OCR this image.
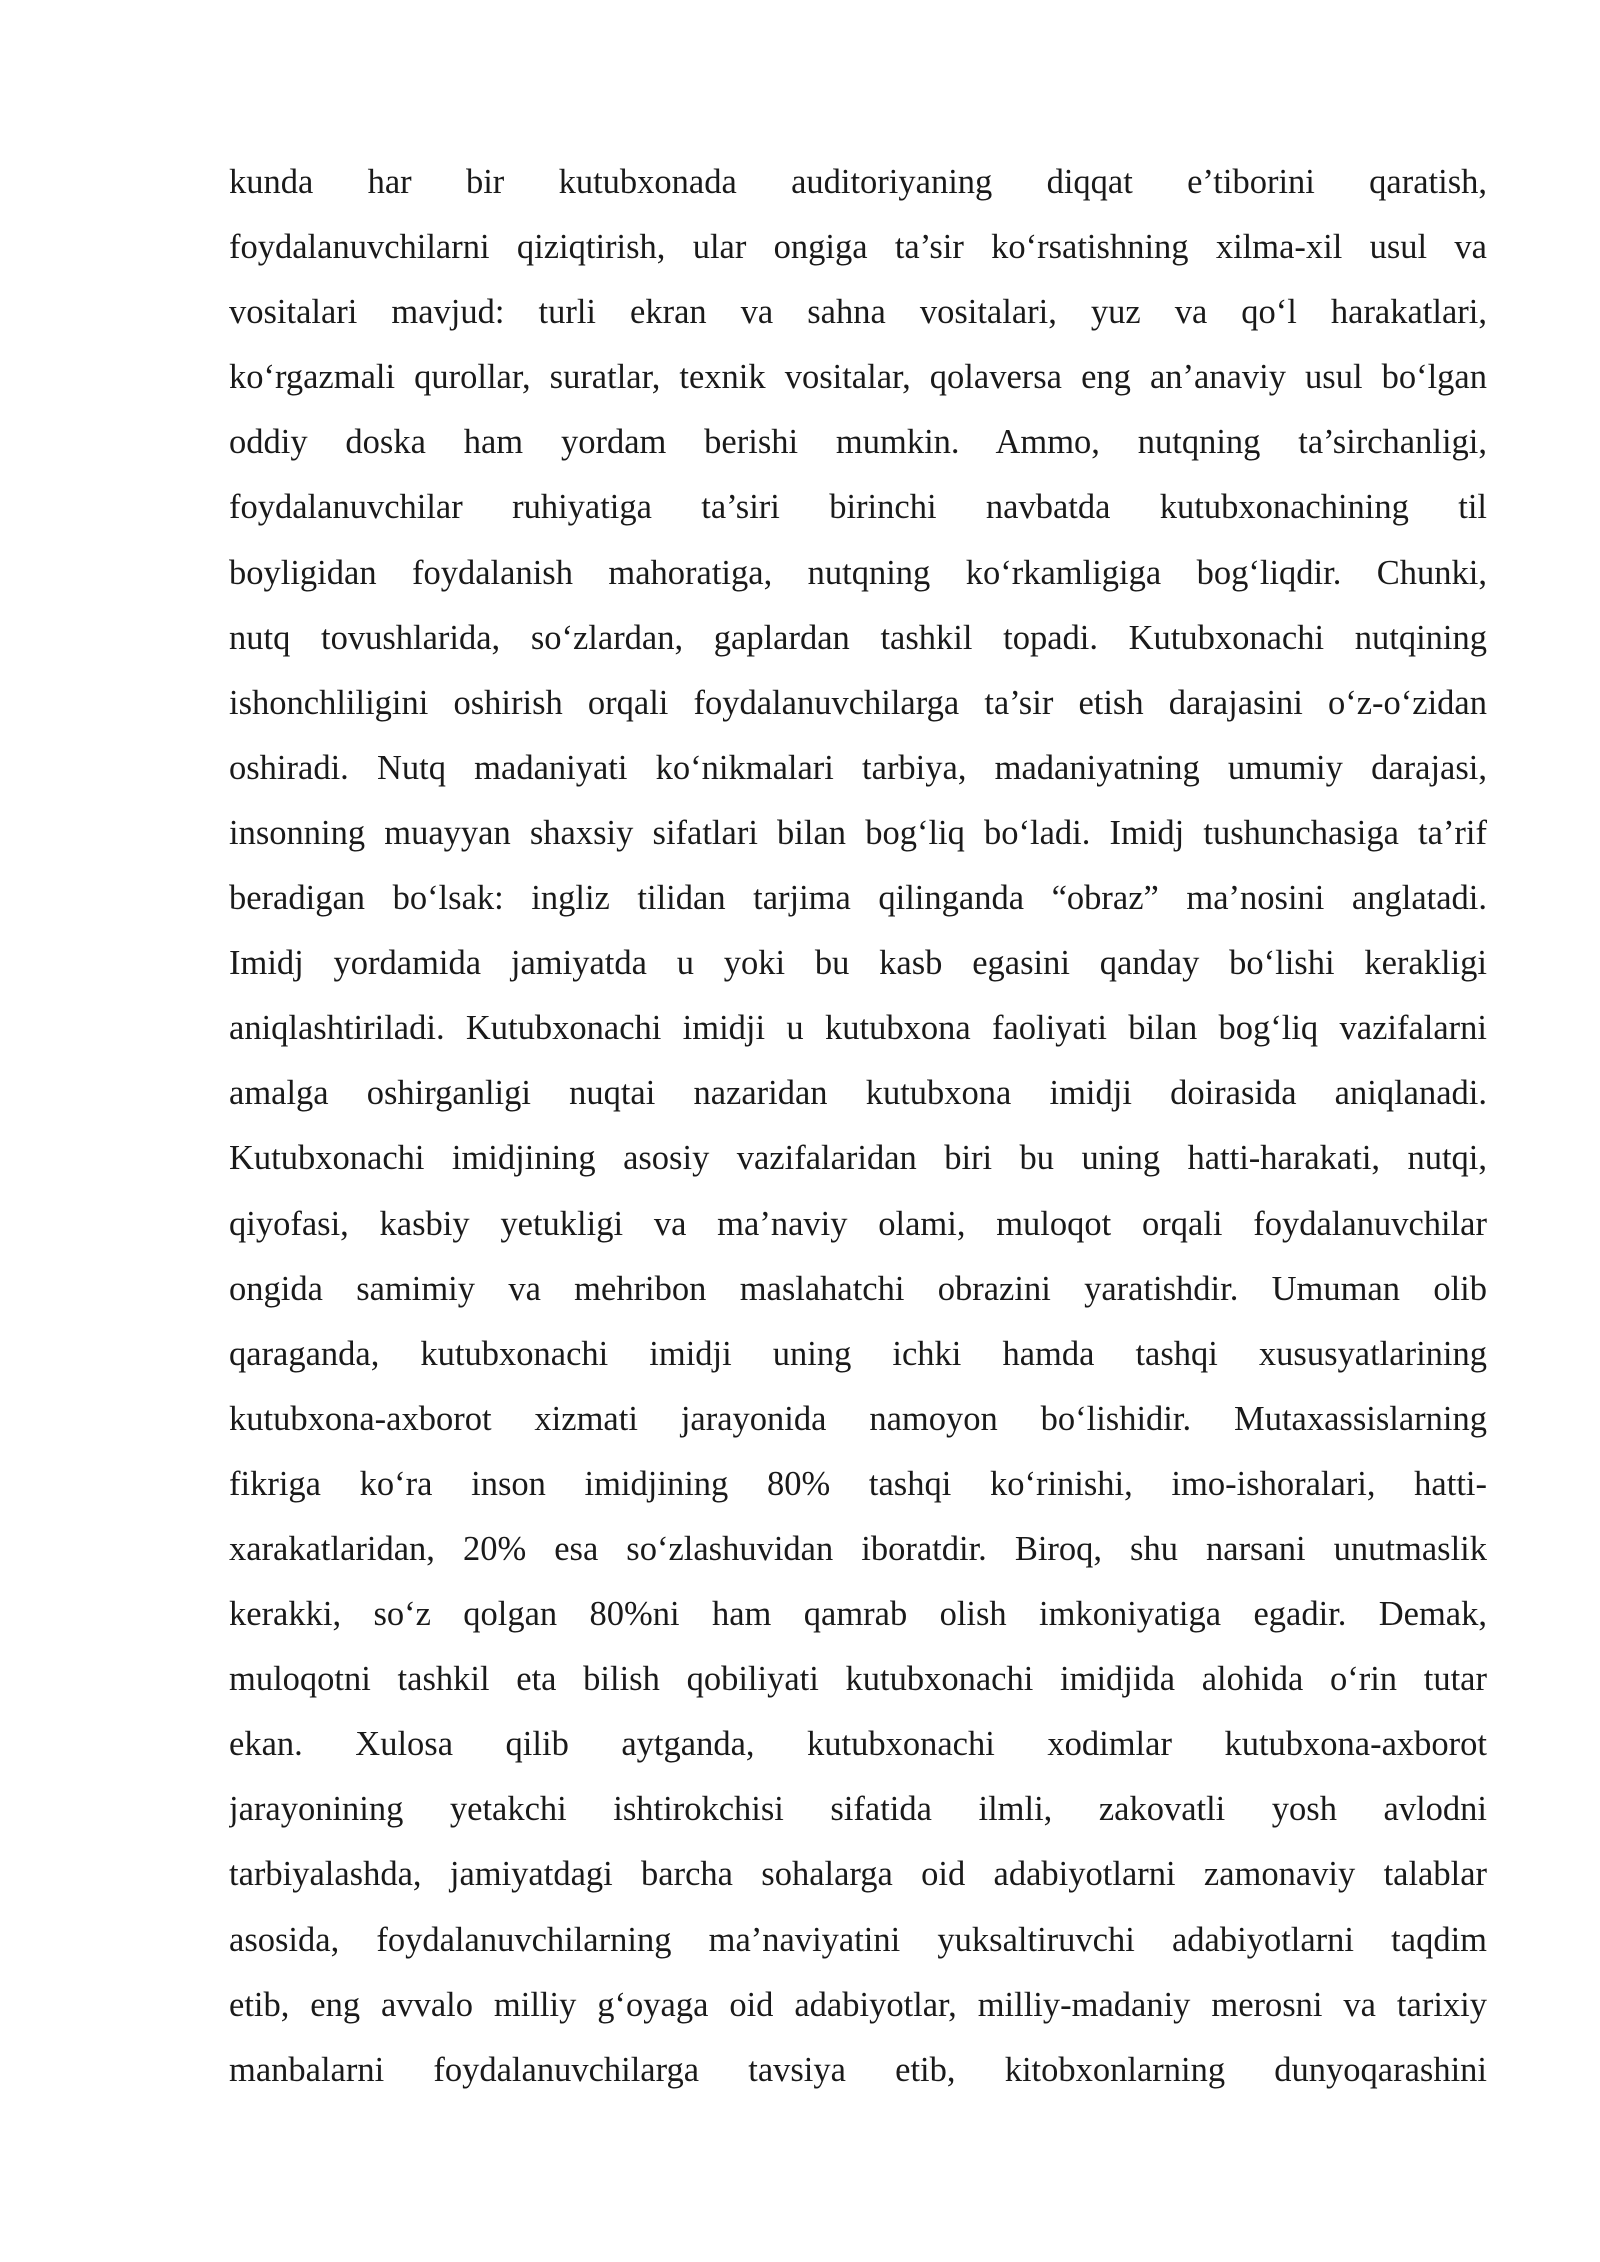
kunda har bir kutubxonada auditoriyaning diqqat e’tiborini qaratish,
foydalanuvchilarni qiziqtirish, ular ongiga ta’sir ko‘rsatishning xilma-xil usul va
vositalari mavjud: turli ekran va sahna vositalari, yuz va qo‘l harakatlari,
ko‘rgazmali qurollar, suratlar, texnik vositalar, qolaversa eng an’anaviy usul bo‘lgan
oddiy doska ham yordam berishi mumkin. Ammo, nutqning ta’sirchanligi,
foydalanuvchilar ruhiyatiga ta’siri birinchi navbatda kutubxonachining til
boyligidan foydalanish mahoratiga, nutqning ko‘rkamligiga bog‘liqdir. Chunki,
nutq tovushlarida, so‘zlardan, gaplardan tashkil topadi. Kutubxonachi nutqining
ishonchliligini oshirish orqali foydalanuvchilarga ta’sir etish darajasini o‘z-o‘zidan
oshiradi. Nutq madaniyati ko‘nikmalari tarbiya, madaniyatning umumiy darajasi,
insonning muayyan shaxsiy sifatlari bilan bog‘liq bo‘ladi. Imidj tushunchasiga ta’rif
beradigan bo‘lsak: ingliz tilidan tarjima qilinganda “obraz” ma’nosini anglatadi.
Imidj yordamida jamiyatda u yoki bu kasb egasini qanday bo‘lishi kerakligi
aniqlashtiriladi. Kutubxonachi imidji u kutubxona faoliyati bilan bog‘liq vazifalarni
amalga oshirganligi nuqtai nazaridan kutubxona imidji doirasida aniqlanadi.
Kutubxonachi imidjining asosiy vazifalaridan biri bu uning hatti-harakati, nutqi,
qiyofasi, kasbiy yetukligi va ma’naviy olami, muloqot orqali foydalanuvchilar
ongida samimiy va mehribon maslahatchi obrazini yaratishdir. Umuman olib
qaraganda, kutubxonachi imidji uning ichki hamda tashqi xususyatlarining
kutubxona-axborot xizmati jarayonida namoyon bo‘lishidir. Mutaxassislarning
fikriga ko‘ra inson imidjining 80% tashqi ko‘rinishi, imo-ishoralari, hatti-
xarakatlaridan, 20% esa so‘zlashuvidan iboratdir. Biroq, shu narsani unutmaslik
kerakki, so‘z qolgan 80%ni ham qamrab olish imkoniyatiga egadir. Demak,
muloqotni tashkil eta bilish qobiliyati kutubxonachi imidjida alohida o‘rin tutar
ekan. Xulosa qilib aytganda, kutubxonachi xodimlar kutubxona-axborot
jarayonining yetakchi ishtirokchisi sifatida ilmli, zakovatli yosh avlodni
tarbiyalashda, jamiyatdagi barcha sohalarga oid adabiyotlarni zamonaviy talablar
asosida, foydalanuvchilarning ma’naviyatini yuksaltiruvchi adabiyotlarni taqdim
etib, eng avvalo milliy g‘oyaga oid adabiyotlar, milliy-madaniy merosni va tarixiy
manbalarni foydalanuvchilarga tavsiya etib, kitobxonlarning dunyoqarashini
